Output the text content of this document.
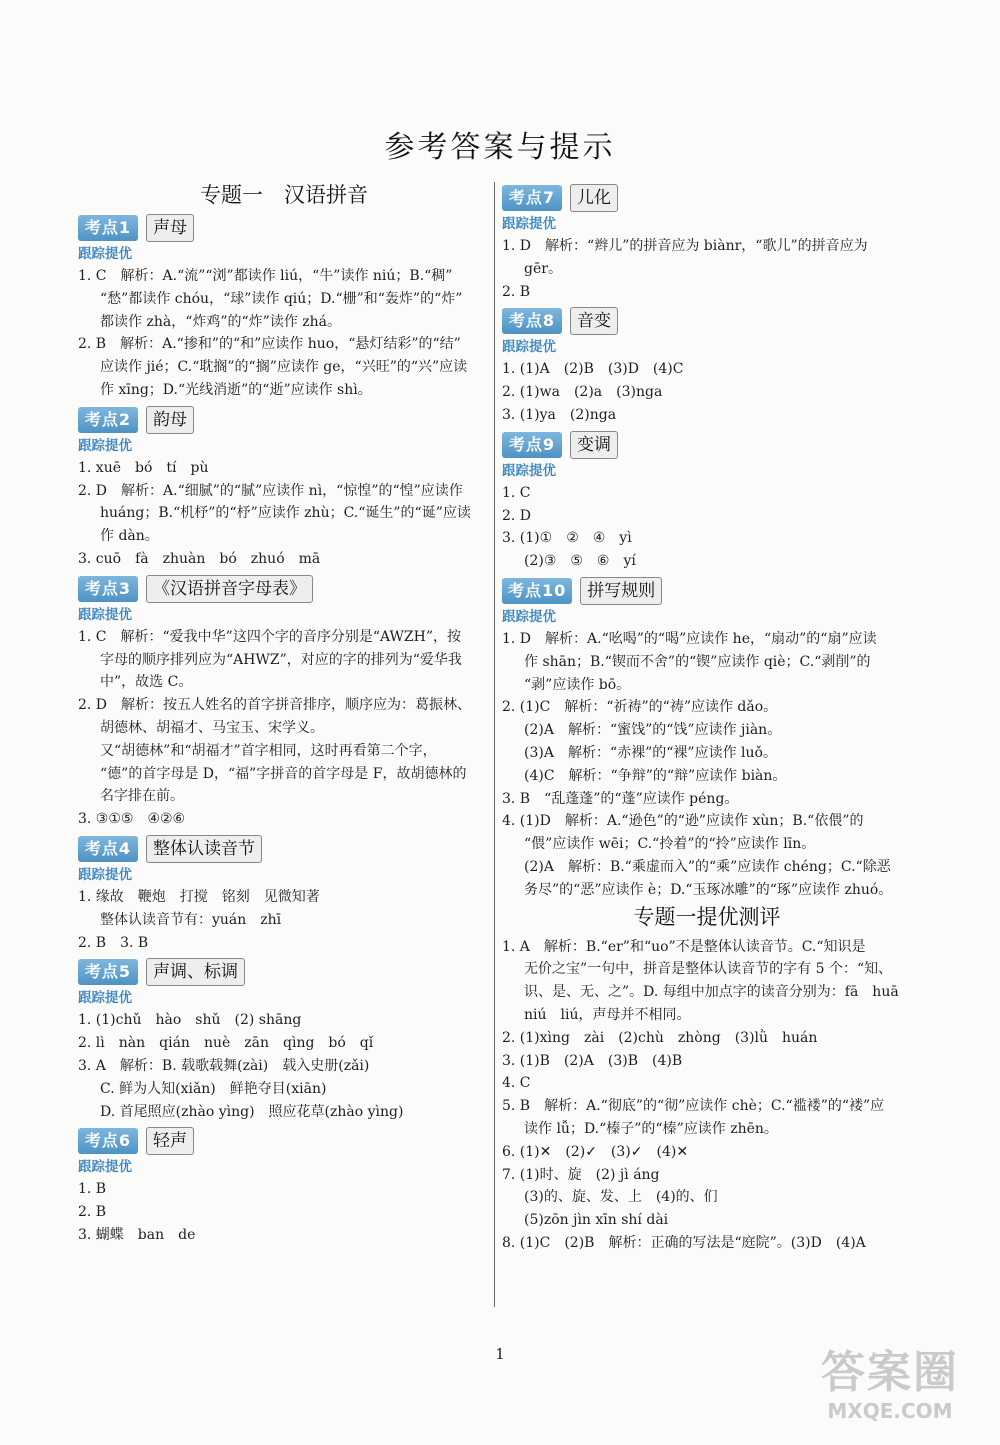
参考答案与提示
专题一　汉语拼音
考点1	声母
跟踪提优
1. C　解析：A.“流”“浏”都读作 liú，“牛”读作 niú；B.“稠”
“愁”都读作 chóu，“球”读作 qiú；D.“栅”和“轰炸”的“炸”
都读作 zhà，“炸鸡”的“炸”读作 zhá。
2. B　解析：A.“掺和”的“和”应读作 huo，“悬灯结彩”的“结”
应读作 jié；C.“耽搁”的“搁”应读作 ge，“兴旺”的“兴”应读
作 xīng；D.“光线消逝”的“逝”应读作 shì。
考点2	韵母
跟踪提优
1. xuē　bó　tí　pù
2. D　解析：A.“细腻”的“腻”应读作 nì，“惊惶”的“惶”应读作
huáng；B.“机杼”的“杼”应读作 zhù；C.“诞生”的“诞”应读
作 dàn。
3. cuō　fà　zhuàn　bó　zhuó　mā
考点3	《汉语拼音字母表》
跟踪提优
1. C　解析：“爱我中华”这四个字的音序分别是“AWZH”，按
字母的顺序排列应为“AHWZ”，对应的字的排列为“爱华我
中”，故选 C。
2. D　解析：按五人姓名的首字拼音排序，顺序应为：葛振林、
胡德林、胡福才、马宝玉、宋学义。
又“胡德林”和“胡福才”首字相同，这时再看第二个字，
“德”的首字母是 D，“福”字拼音的首字母是 F，故胡德林的
名字排在前。
3. ③①⑤　④②⑥
考点4	整体认读音节
跟踪提优
1. 缘故　鞭炮　打搅　铭刻　见微知著
整体认读音节有：yuán　zhī
2. B　3. B
考点5	声调、标调
跟踪提优
1. (1)chǔ　hào　shǔ　(2) shāng
2. lì　nàn　qián　nuè　zān　qìng　bó　qǐ
3. A　解析：B. 载歌载舞(zài)　载入史册(zǎi)
C. 鲜为人知(xiǎn)　鲜艳夺目(xiān)
D. 首尾照应(zhào yìng)　照应花草(zhào yìng)
考点6	轻声
跟踪提优
1. B
2. B
3. 蝴蝶　ban　de
考点7	儿化
跟踪提优
1. D　解析：“辫儿”的拼音应为 biànr，“歌儿”的拼音应为
gēr。
2. B
考点8	音变
跟踪提优
1. (1)A　(2)B　(3)D　(4)C
2. (1)wa　(2)a　(3)nga
3. (1)ya　(2)nga
考点9	变调
跟踪提优
1. C
2. D
3. (1)①　②　④　yì
(2)③　⑤　⑥　yí
考点10	拼写规则
跟踪提优
1. D　解析：A.“吆喝”的“喝”应读作 he，“扇动”的“扇”应读
作 shān；B.“锲而不舍”的“锲”应读作 qiè；C.“剥削”的
“剥”应读作 bō。
2. (1)C　解析：“祈祷”的“祷”应读作 dǎo。
(2)A　解析：“蜜饯”的“饯”应读作 jiàn。
(3)A　解析：“赤裸”的“裸”应读作 luǒ。
(4)C　解析：“争辩”的“辩”应读作 biàn。
3. B　“乱蓬蓬”的“蓬”应读作 péng。
4. (1)D　解析：A.“逊色”的“逊”应读作 xùn；B.“依偎”的
“偎”应读作 wēi；C.“拎着”的“拎”应读作 līn。
(2)A　解析：B.“乘虚而入”的“乘”应读作 chéng；C.“除恶
务尽”的“恶”应读作 è；D.“玉琢冰雕”的“琢”应读作 zhuó。
专题一提优测评
1. A　解析：B.“er”和“uo”不是整体认读音节。C.“知识是
无价之宝”一句中，拼音是整体认读音节的字有 5 个：“知、
识、是、无、之”。D. 每组中加点字的读音分别为：fā　huā
niú　liú，声母并不相同。
2. (1)xìng　zài　(2)chù　zhòng　(3)lǜ　huán
3. (1)B　(2)A　(3)B　(4)B
4. C
5. B　解析：A.“彻底”的“彻”应读作 chè；C.“褴褛”的“褛”应
读作 lǚ；D.“榛子”的“榛”应读作 zhēn。
6. (1)✕　(2)✓　(3)✓　(4)✕
7. (1)时、旋　(2) jì áng
(3)的、旋、发、上　(4)的、们
(5)zōn jìn xīn shí dài
8. (1)C　(2)B　解析：正确的写法是“庭院”。(3)D　(4)A
1	答案圈
MXQE.COM
